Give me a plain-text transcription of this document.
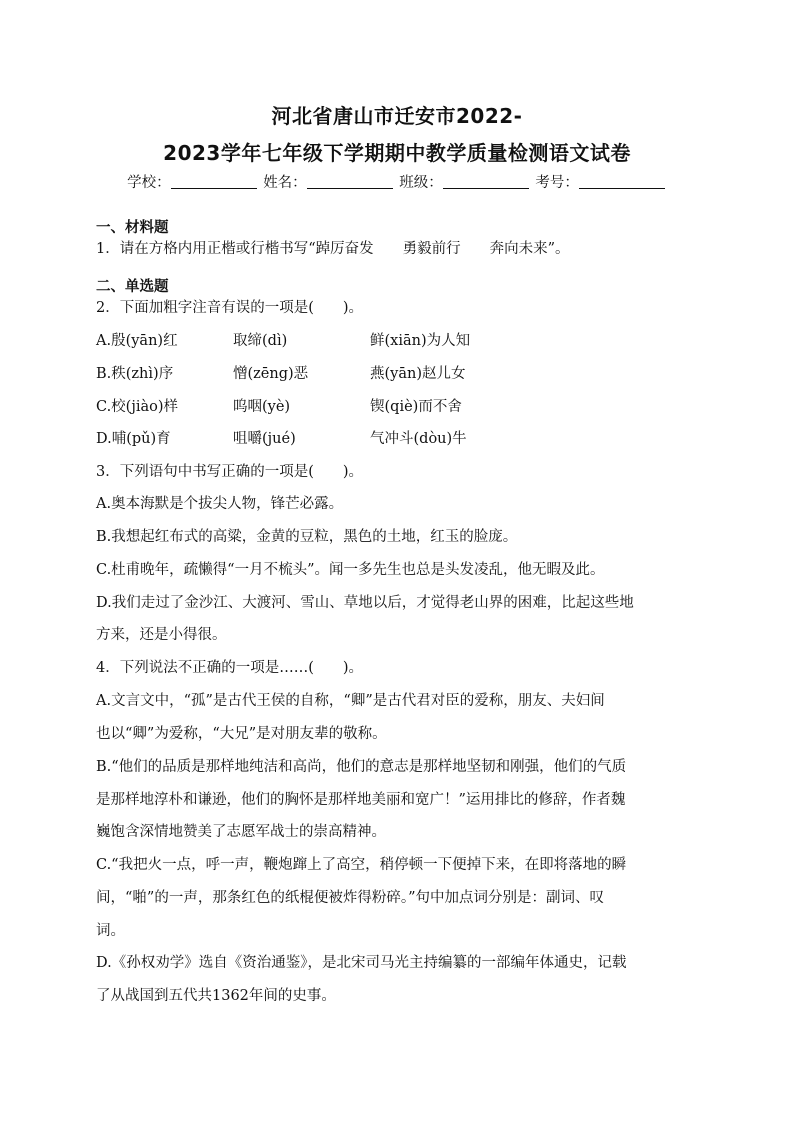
河北省唐山市迁安市2022-
2023学年七年级下学期期中教学质量检测语文试卷
学校：	姓名：	班级：	考号：
一、材料题
1．请在方格内用正楷或行楷书写“踔厉奋发　　勇毅前行　　奔向未来”。
二、单选题
2．下面加粗字注音有误的一项是(　　)。
A.殷(yān)红	取缔(dì)	鲜(xiān)为人知
B.秩(zhì)序	憎(zēng)恶	燕(yān)赵儿女
C.校(jiào)样	呜咽(yè)	锲(qiè)而不舍
D.哺(pǔ)育	咀嚼(jué)	气冲斗(dòu)牛
3．下列语句中书写正确的一项是(　　)。
A.奥本海默是个拔尖人物，锋芒必露。
B.我想起红布式的高粱，金黄的豆粒，黑色的土地，红玉的脸庞。
C.杜甫晚年，疏懒得“一月不梳头”。闻一多先生也总是头发凌乱，他无暇及此。
D.我们走过了金沙江、大渡河、雪山、草地以后，才觉得老山界的困难，比起这些地
方来，还是小得很。
4．下列说法不正确的一项是……(　　)。
A.文言文中，“孤”是古代王侯的自称，“卿”是古代君对臣的爱称，朋友、夫妇间
也以“卿”为爱称，“大兄”是对朋友辈的敬称。
B.“他们的品质是那样地纯洁和高尚，他们的意志是那样地坚韧和刚强，他们的气质
是那样地淳朴和谦逊，他们的胸怀是那样地美丽和宽广！”运用排比的修辞，作者魏
巍饱含深情地赞美了志愿军战士的崇高精神。
C.“我把火一点，呼一声，鞭炮蹿上了高空，稍停顿一下便掉下来，在即将落地的瞬
间，“啪”的一声，那条红色的纸棍便被炸得粉碎。”句中加点词分别是：副词、叹
词。
D.《孙权劝学》选自《资治通鉴》，是北宋司马光主持编纂的一部编年体通史，记载
了从战国到五代共1362年间的史事。
